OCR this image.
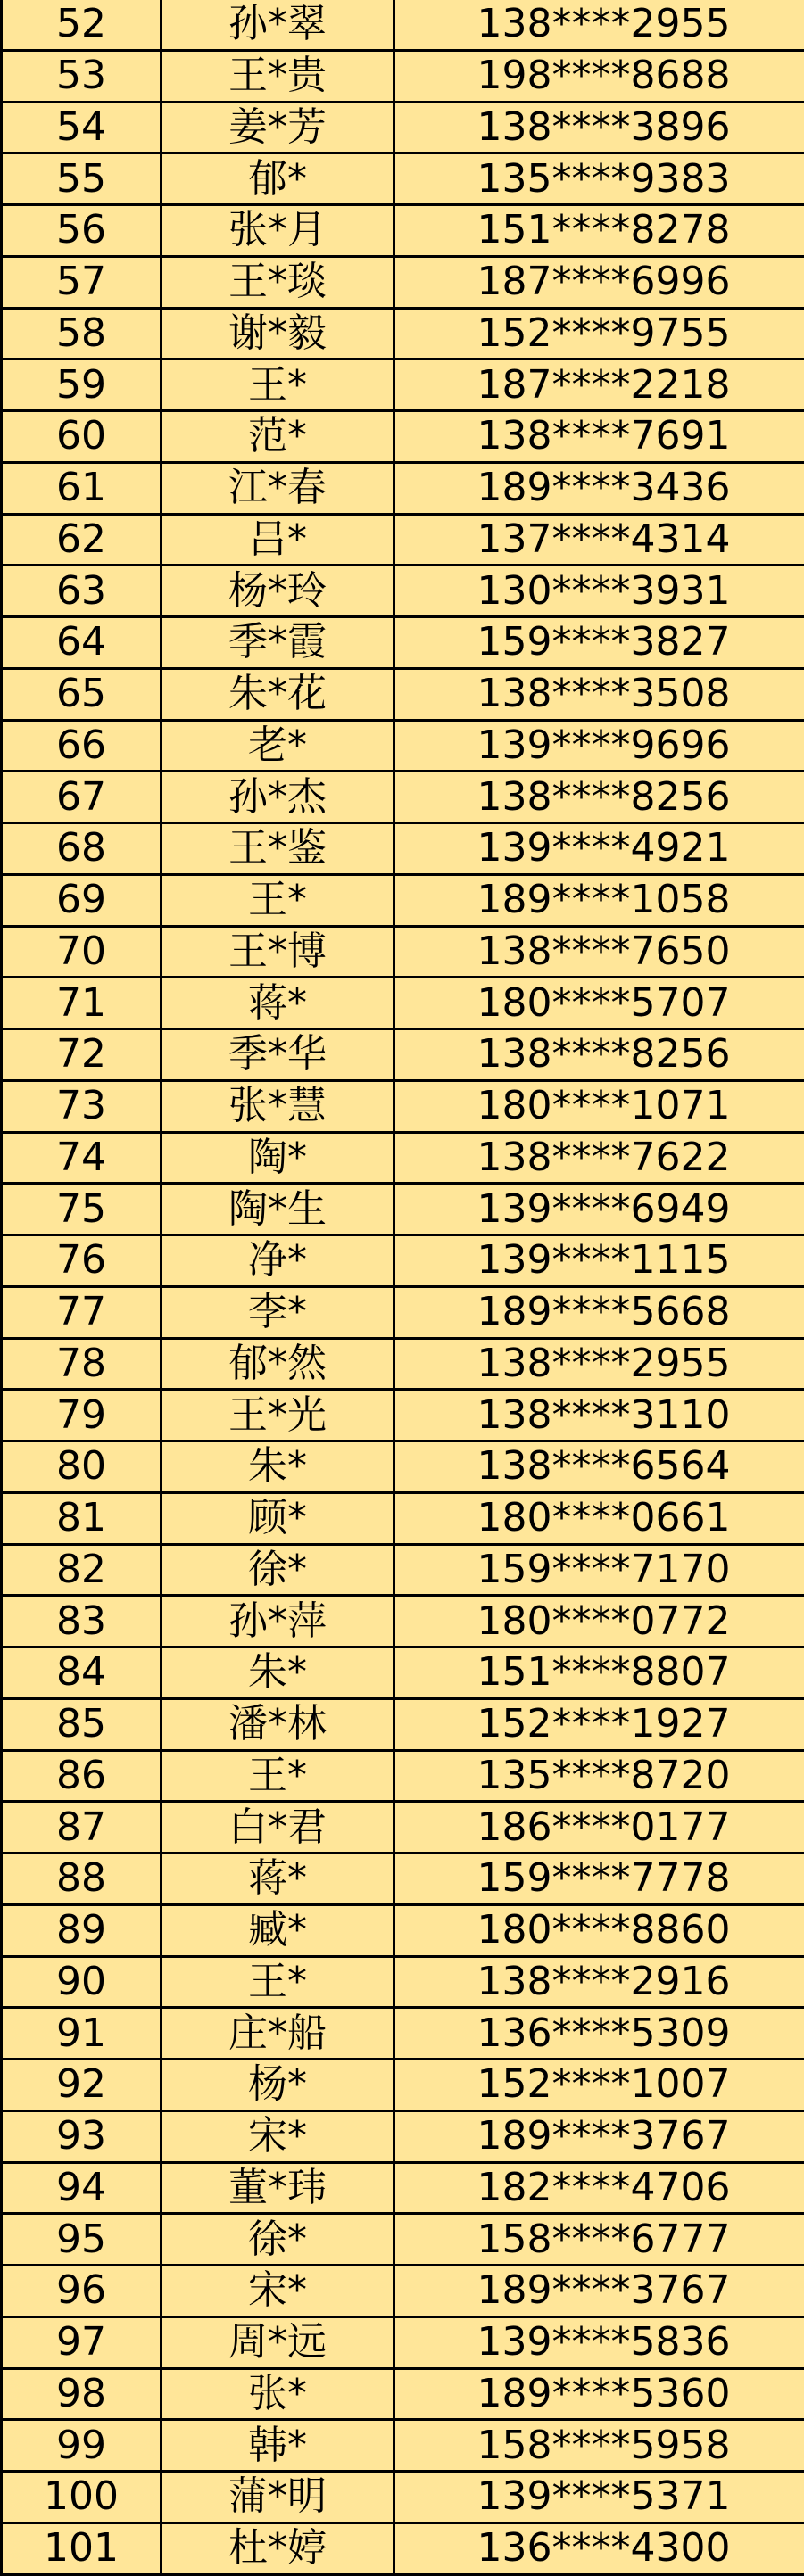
52	孙*翠	138****2955
53	王*贵	198****8688
54	姜*芳	138****3896
55	郁*	135****9383
56	张*月	151****8278
57	王*琰	187****6996
58	谢*毅	152****9755
59	王*	187****2218
60	范*	138****7691
61	江*春	189****3436
62	吕*	137****4314
63	杨*玲	130****3931
64	季*霞	159****3827
65	朱*花	138****3508
66	老*	139****9696
67	孙*杰	138****8256
68	王*鉴	139****4921
69	王*	189****1058
70	王*博	138****7650
71	蒋*	180****5707
72	季*华	138****8256
73	张*慧	180****1071
74	陶*	138****7622
75	陶*生	139****6949
76	净*	139****1115
77	李*	189****5668
78	郁*然	138****2955
79	王*光	138****3110
80	朱*	138****6564
81	顾*	180****0661
82	徐*	159****7170
83	孙*萍	180****0772
84	朱*	151****8807
85	潘*林	152****1927
86	王*	135****8720
87	白*君	186****0177
88	蒋*	159****7778
89	臧*	180****8860
90	王*	138****2916
91	庄*船	136****5309
92	杨*	152****1007
93	宋*	189****3767
94	董*玮	182****4706
95	徐*	158****6777
96	宋*	189****3767
97	周*远	139****5836
98	张*	189****5360
99	韩*	158****5958
100	蒲*明	139****5371
101	杜*婷	136****4300
